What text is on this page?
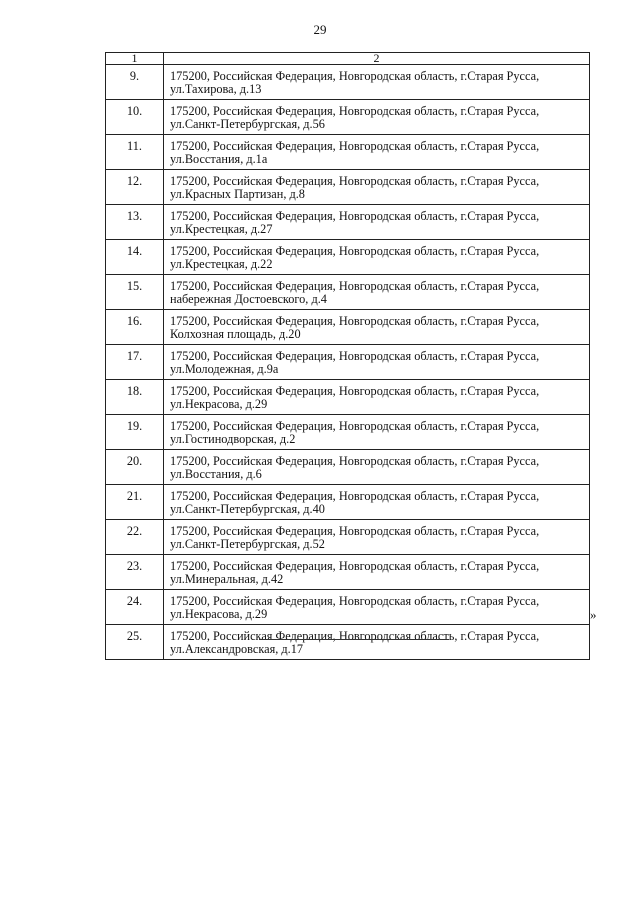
29
1	2
9.	175200, Российская Федерация, Новгородская область, г.Старая Русса, ул.Тахирова, д.13
10.	175200, Российская Федерация, Новгородская область, г.Старая Русса, ул.Санкт-Петербургская, д.56
11.	175200, Российская Федерация, Новгородская область, г.Старая Русса, ул.Восстания, д.1а
12.	175200, Российская Федерация, Новгородская область, г.Старая Русса, ул.Красных Партизан, д.8
13.	175200, Российская Федерация, Новгородская область, г.Старая Русса, ул.Крестецкая, д.27
14.	175200, Российская Федерация, Новгородская область, г.Старая Русса, ул.Крестецкая, д.22
15.	175200, Российская Федерация, Новгородская область, г.Старая Русса, набережная Достоевского, д.4
16.	175200, Российская Федерация, Новгородская область, г.Старая Русса, Колхозная площадь, д.20
17.	175200, Российская Федерация, Новгородская область, г.Старая Русса, ул.Молодежная, д.9а
18.	175200, Российская Федерация, Новгородская область, г.Старая Русса, ул.Некрасова, д.29
19.	175200, Российская Федерация, Новгородская область, г.Старая Русса, ул.Гостинодворская, д.2
20.	175200, Российская Федерация, Новгородская область, г.Старая Русса, ул.Восстания, д.6
21.	175200, Российская Федерация, Новгородская область, г.Старая Русса, ул.Санкт-Петербургская, д.40
22.	175200, Российская Федерация, Новгородская область, г.Старая Русса, ул.Санкт-Петербургская, д.52
23.	175200, Российская Федерация, Новгородская область, г.Старая Русса, ул.Минеральная, д.42
24.	175200, Российская Федерация, Новгородская область, г.Старая Русса, ул.Некрасова, д.29
25.	175200, Российская Федерация, Новгородская область, г.Старая Русса, ул.Александровская, д.17
»
